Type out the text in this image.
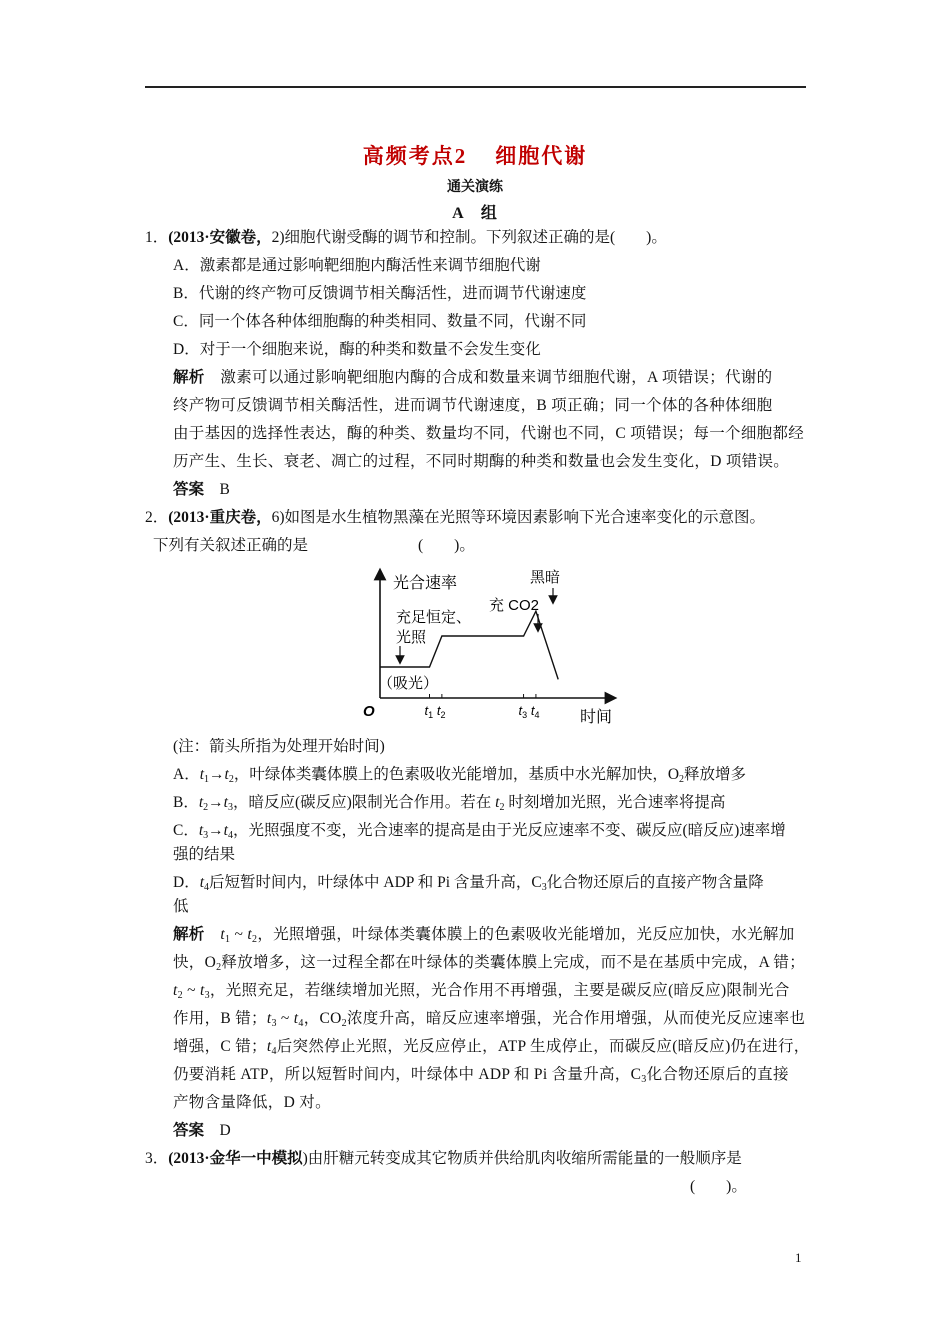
高频考点2 细胞代谢
通关演练
A　组
1．(2013·安徽卷，2)细胞代谢受酶的调节和控制。下列叙述正确的是(　　)。
A．激素都是通过影响靶细胞内酶活性来调节细胞代谢
B．代谢的终产物可反馈调节相关酶活性，进而调节代谢速度
C．同一个体各种体细胞酶的种类相同、数量不同，代谢不同
D．对于一个细胞来说，酶的种类和数量不会发生变化
解析　 激素可以通过影响靶细胞内酶的合成和数量来调节细胞代谢，A 项错误；代谢的
终产物可反馈调节相关酶活性，进而调节代谢速度，B 项正确；同一个体的各种体细胞
由于基因的选择性表达，酶的种类、数量均不同，代谢也不同，C 项错误；每一个细胞都经
历产生、生长、衰老、凋亡的过程，不同时期酶的种类和数量也会发生变化，D 项错误。
答案　 B
2．(2013·重庆卷，6)如图是水生植物黑藻在光照等环境因素影响下光合速率变化的示意图。
下列有关叙述正确的是	(　　)。
光合速率
时间
O
充足恒定、
光照
充 CO2
黑暗
（吸光）
$t_1$ $t_2$	$t_3$ $t_4$
(注：箭头所指为处理开始时间)
A．$t_1\to t_2$，叶绿体类囊体膜上的色素吸收光能增加，基质中水光解加快，$O_2$释放增多
B．$t_2\to t_3$，暗反应(碳反应)限制光合作用。若在 $t_2$ 时刻增加光照，光合速率将提高
C．$t_3\to t_4$，光照强度不变，光合速率的提高是由于光反应速率不变、碳反应(暗反应)速率增
强的结果
D．$t_4$后短暂时间内，叶绿体中 ADP 和 Pi 含量升高，$C_3$化合物还原后的直接产物含量降
低
解析　 $t_1$ ~ $t_2$，光照增强，叶绿体类囊体膜上的色素吸收光能增加，光反应加快，水光解加
快，$O_2$释放增多，这一过程全都在叶绿体的类囊体膜上完成，而不是在基质中完成，A 错；
$t_2$ ~ $t_3$，光照充足，若继续增加光照，光合作用不再增强，主要是碳反应(暗反应)限制光合
作用，B 错；$t_3$ ~ $t_4$，$CO_2$浓度升高，暗反应速率增强，光合作用增强，从而使光反应速率也
增强，C 错；$t_4$后突然停止光照，光反应停止，ATP 生成停止，而碳反应(暗反应)仍在进行，
仍要消耗 ATP，所以短暂时间内，叶绿体中 ADP 和 Pi 含量升高，$C_3$化合物还原后的直接
产物含量降低，D 对。
答案　 D
3．(2013·金华一中模拟)由肝糖元转变成其它物质并供给肌肉收缩所需能量的一般顺序是
(　　)。
1
